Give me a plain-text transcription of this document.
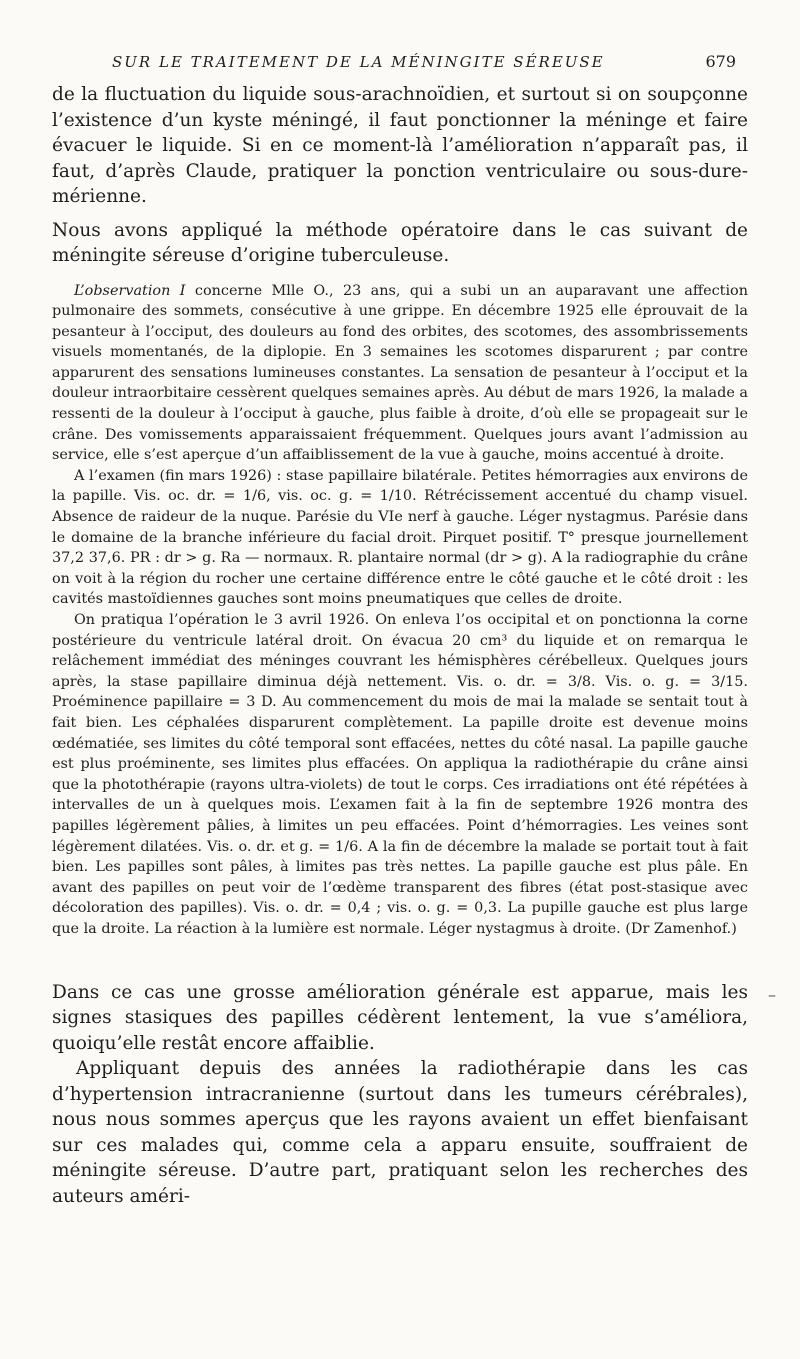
SUR LE TRAITEMENT DE LA MÉNINGITE SÉREUSE	679

de la fluctuation du liquide sous-arachnoïdien, et surtout si on soupçonne l’existence d’un kyste méningé, il faut ponctionner la méninge et faire évacuer le liquide. Si en ce moment-là l’amélioration n’apparaît pas, il faut, d’après Claude, pratiquer la ponction ventriculaire ou sous-dure-mérienne.

Nous avons appliqué la méthode opératoire dans le cas suivant de méningite séreuse d’origine tuberculeuse.

L’observation I concerne Mlle O., 23 ans, qui a subi un an auparavant une affection pulmonaire des sommets, consécutive à une grippe. En décembre 1925 elle éprouvait de la pesanteur à l’occiput, des douleurs au fond des orbites, des scotomes, des assombrissements visuels momentanés, de la diplopie. En 3 semaines les scotomes disparurent ; par contre apparurent des sensations lumineuses constantes. La sensation de pesanteur à l’occiput et la douleur intraorbitaire cessèrent quelques semaines après. Au début de mars 1926, la malade a ressenti de la douleur à l’occiput à gauche, plus faible à droite, d’où elle se propageait sur le crâne. Des vomissements apparaissaient fréquemment. Quelques jours avant l’admission au service, elle s’est aperçue d’un affaiblissement de la vue à gauche, moins accentué à droite.

A l’examen (fin mars 1926) : stase papillaire bilatérale. Petites hémorragies aux environs de la papille. Vis. oc. dr. = 1/6, vis. oc. g. = 1/10. Rétrécissement accentué du champ visuel. Absence de raideur de la nuque. Parésie du VIe nerf à gauche. Léger nystagmus. Parésie dans le domaine de la branche inférieure du facial droit. Pirquet positif. T° presque journellement 37,2 37,6. PR : dr > g. Ra — normaux. R. plantaire normal (dr > g). A la radiographie du crâne on voit à la région du rocher une certaine différence entre le côté gauche et le côté droit : les cavités mastoïdiennes gauches sont moins pneumatiques que celles de droite.

On pratiqua l’opération le 3 avril 1926. On enleva l’os occipital et on ponctionna la corne postérieure du ventricule latéral droit. On évacua 20 cm³ du liquide et on remarqua le relâchement immédiat des méninges couvrant les hémisphères cérébelleux. Quelques jours après, la stase papillaire diminua déjà nettement. Vis. o. dr. = 3/8. Vis. o. g. = 3/15. Proéminence papillaire = 3 D. Au commencement du mois de mai la malade se sentait tout à fait bien. Les céphalées disparurent complètement. La papille droite est devenue moins œdématiée, ses limites du côté temporal sont effacées, nettes du côté nasal. La papille gauche est plus proéminente, ses limites plus effacées. On appliqua la radiothérapie du crâne ainsi que la photothérapie (rayons ultra-violets) de tout le corps. Ces irradiations ont été répétées à intervalles de un à quelques mois. L’examen fait à la fin de septembre 1926 montra des papilles légèrement pâlies, à limites un peu effacées. Point d’hémorragies. Les veines sont légèrement dilatées. Vis. o. dr. et g. = 1/6. A la fin de décembre la malade se portait tout à fait bien. Les papilles sont pâles, à limites pas très nettes. La papille gauche est plus pâle. En avant des papilles on peut voir de l’œdème transparent des fibres (état post-stasique avec décoloration des papilles). Vis. o. dr. = 0,4 ; vis. o. g. = 0,3. La pupille gauche est plus large que la droite. La réaction à la lumière est normale. Léger nystagmus à droite. (Dr Zamenhof.)

Dans ce cas une grosse amélioration générale est apparue, mais les signes stasiques des papilles cédèrent lentement, la vue s’améliora, quoiqu’elle restât encore affaiblie.

Appliquant depuis des années la radiothérapie dans les cas d’hypertension intracranienne (surtout dans les tumeurs cérébrales), nous nous sommes aperçus que les rayons avaient un effet bienfaisant sur ces malades qui, comme cela a apparu ensuite, souffraient de méningite séreuse. D’autre part, pratiquant selon les recherches des auteurs améri-

–
